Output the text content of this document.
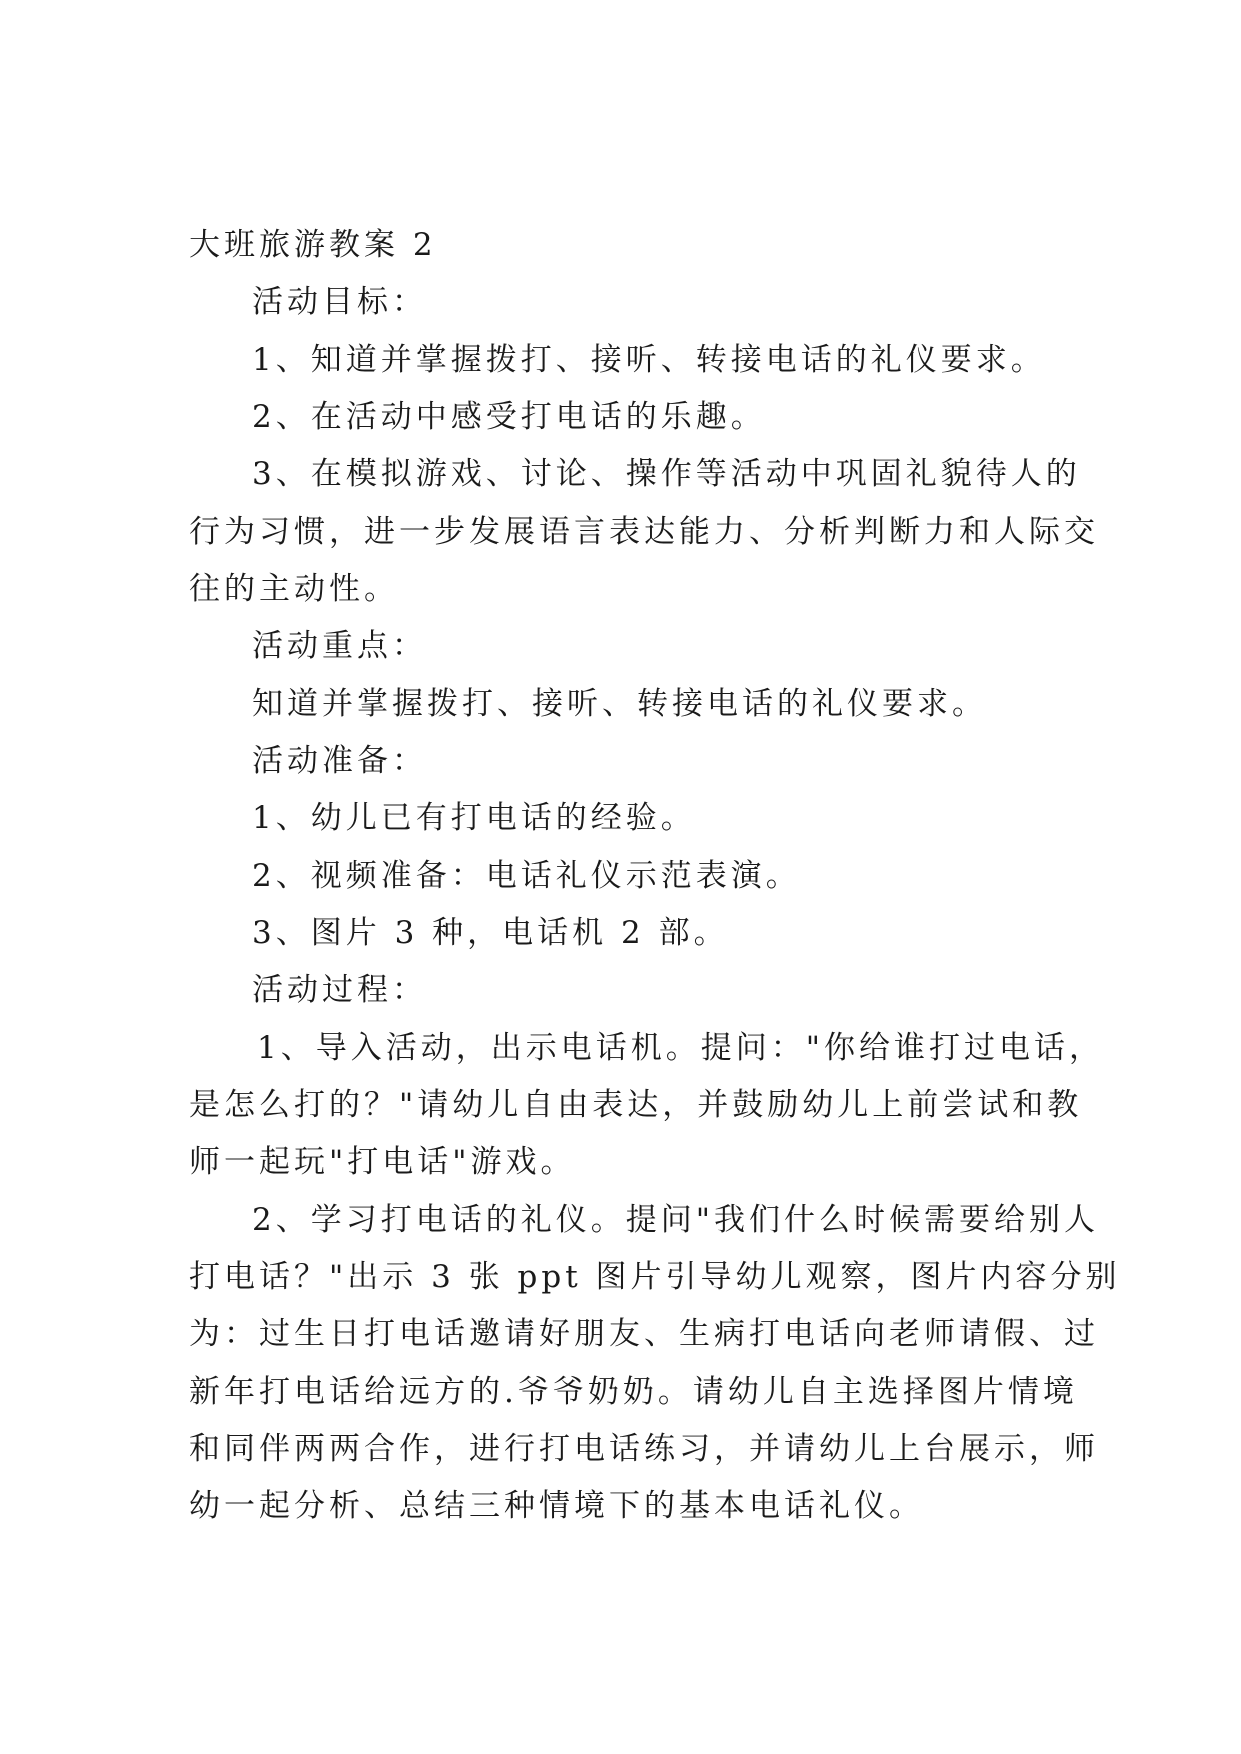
大班旅游教案 2
活动目标：
1、知道并掌握拨打、接听、转接电话的礼仪要求。
2、在活动中感受打电话的乐趣。
3、在模拟游戏、讨论、操作等活动中巩固礼貌待人的
行为习惯，进一步发展语言表达能力、分析判断力和人际交
往的主动性。
活动重点：
知道并掌握拨打、接听、转接电话的礼仪要求。
活动准备：
1、幼儿已有打电话的经验。
2、视频准备：电话礼仪示范表演。
3、图片 3 种，电话机 2 部。
活动过程：
1、导入活动，出示电话机。提问："你给谁打过电话，
是怎么打的？"请幼儿自由表达，并鼓励幼儿上前尝试和教
师一起玩"打电话"游戏。
2、学习打电话的礼仪。提问"我们什么时候需要给别人
打电话？"出示 3 张 ppt 图片引导幼儿观察，图片内容分别
为：过生日打电话邀请好朋友、生病打电话向老师请假、过
新年打电话给远方的.爷爷奶奶。请幼儿自主选择图片情境
和同伴两两合作，进行打电话练习，并请幼儿上台展示，师
幼一起分析、总结三种情境下的基本电话礼仪。
